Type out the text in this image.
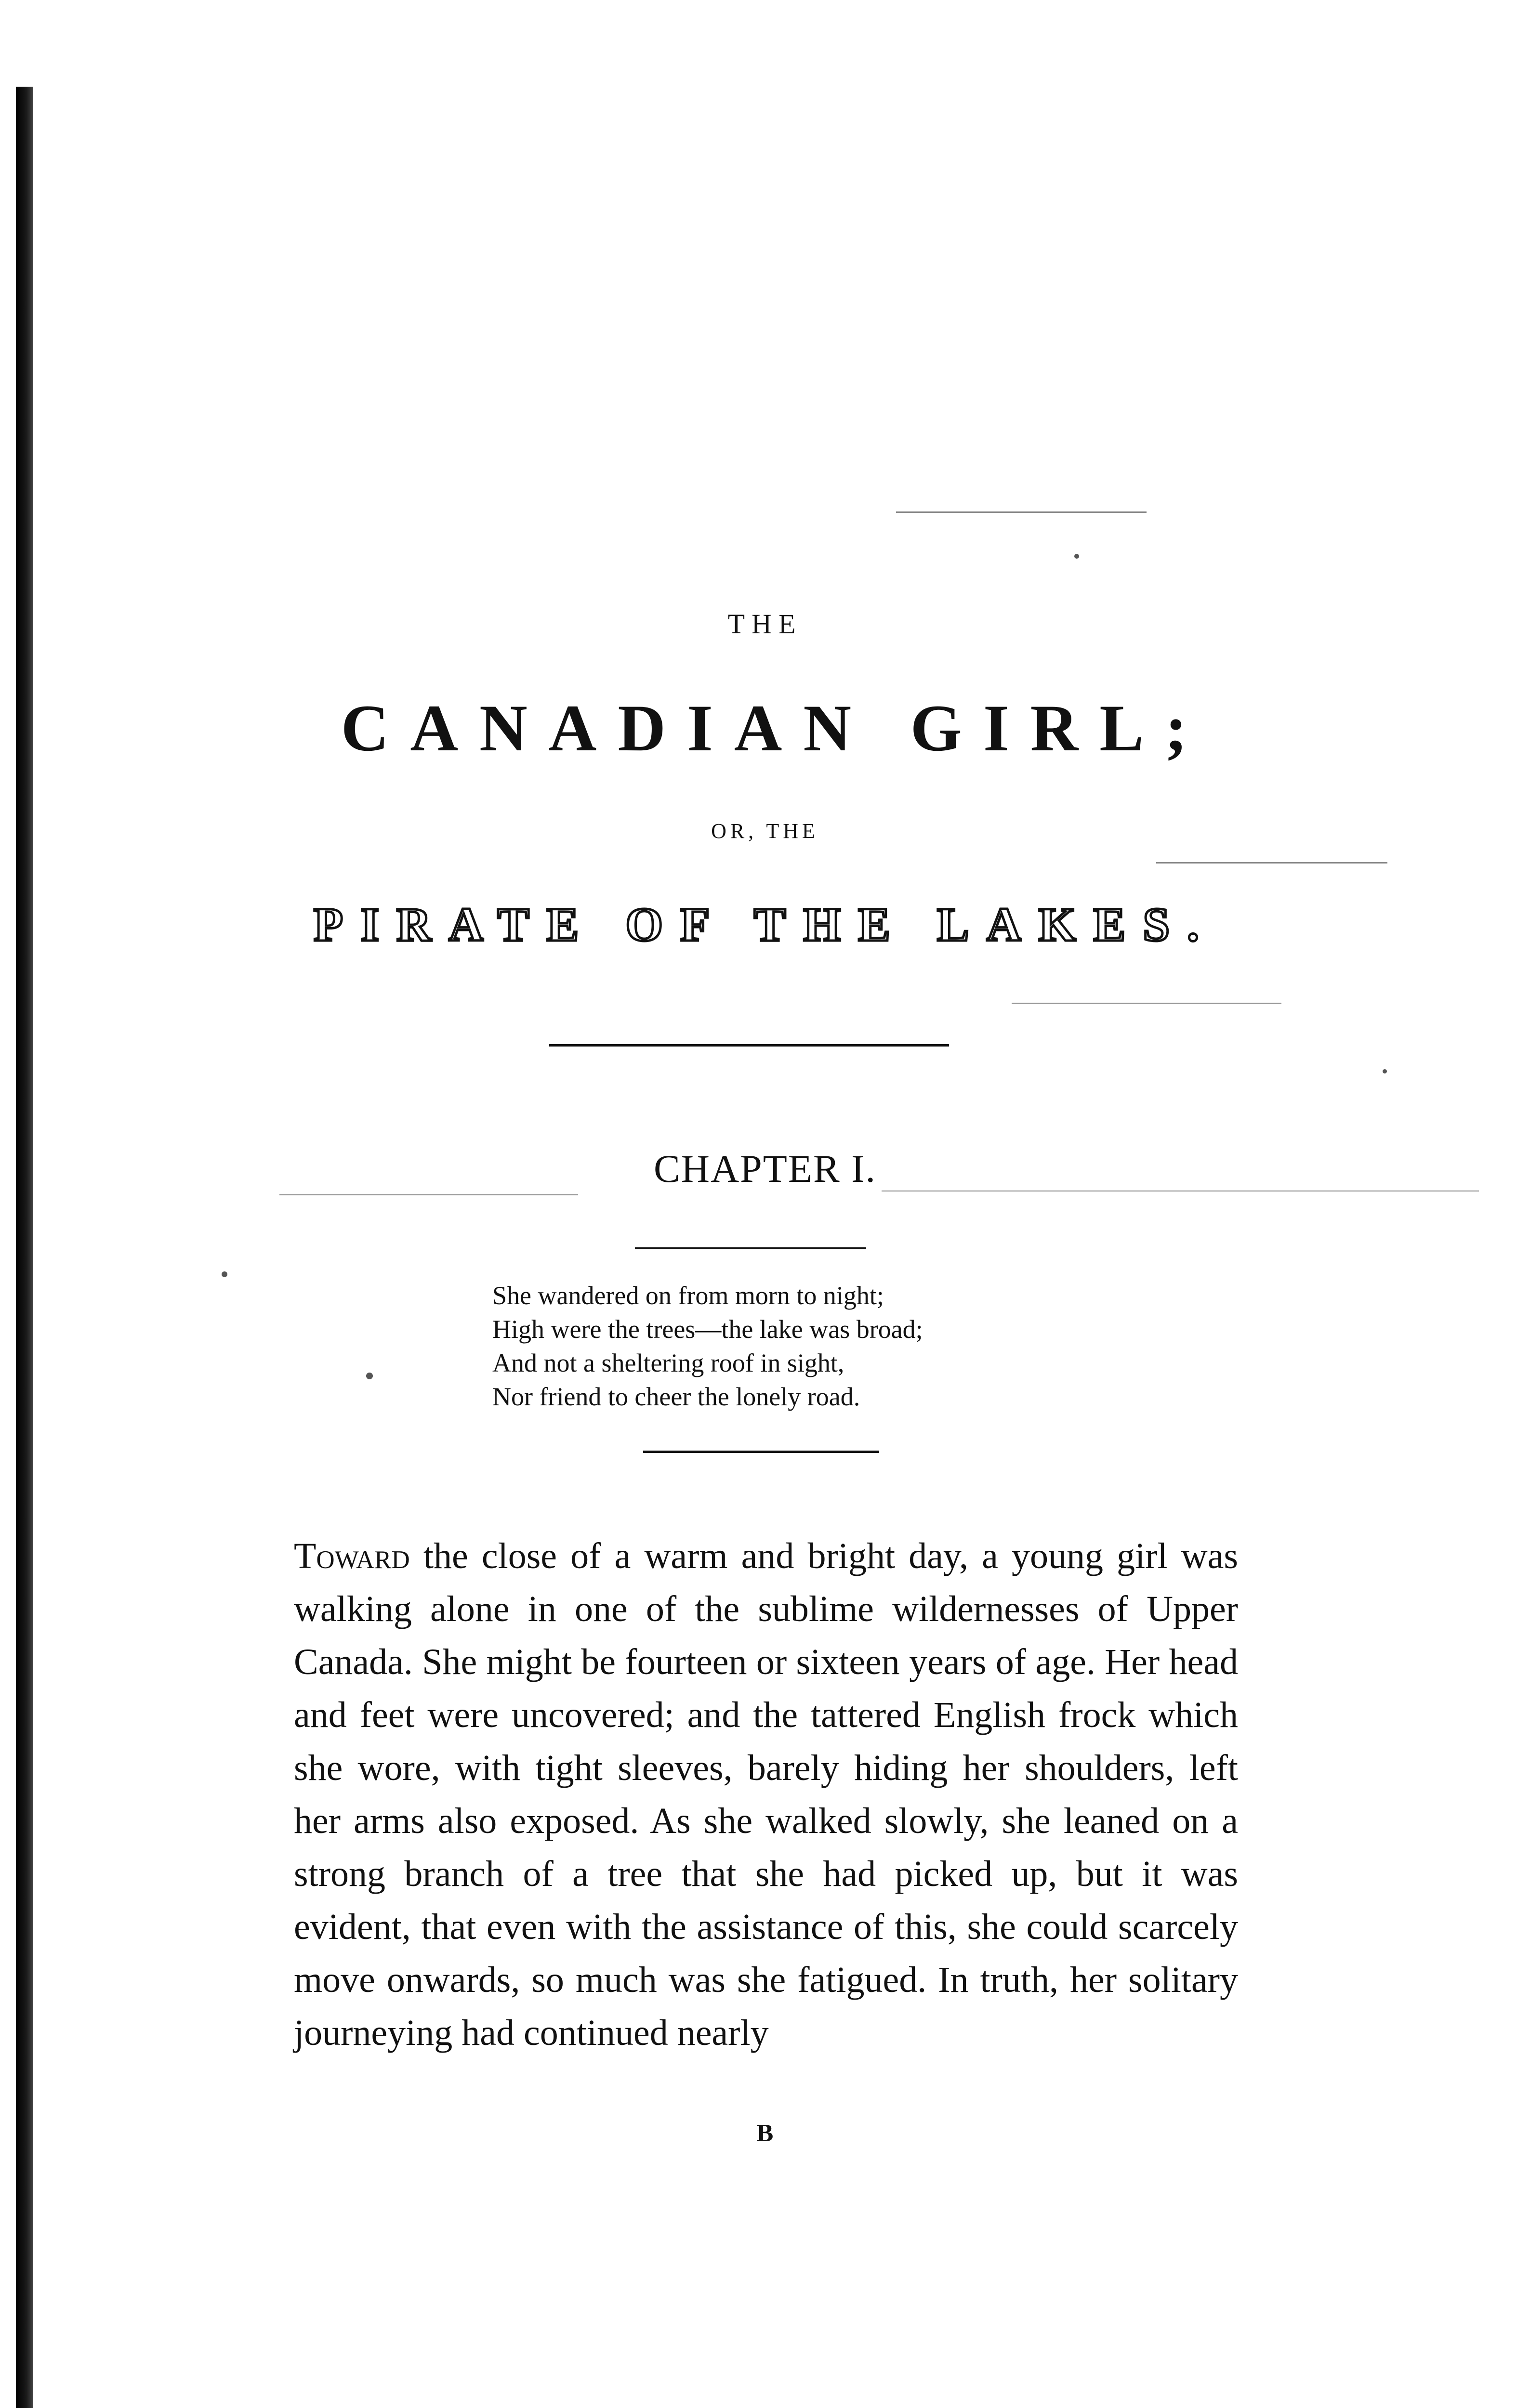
THE
CANADIAN GIRL;
OR, THE
PIRATE OF THE LAKES.
CHAPTER I.
She wandered on from morn to night;
High were the trees—the lake was broad;
And not a sheltering roof in sight,
Nor friend to cheer the lonely road.

Toward the close of a warm and bright day, a young girl was walking alone in one of the sublime wildernesses of Upper Canada. She might be fourteen or sixteen years of age. Her head and feet were uncovered; and the tattered English frock which she wore, with tight sleeves, barely hiding her shoulders, left her arms also exposed. As she walked slowly, she leaned on a strong branch of a tree that she had picked up, but it was evident, that even with the assistance of this, she could scarcely move onwards, so much was she fatigued. In truth, her solitary journeying had continued nearly

B
